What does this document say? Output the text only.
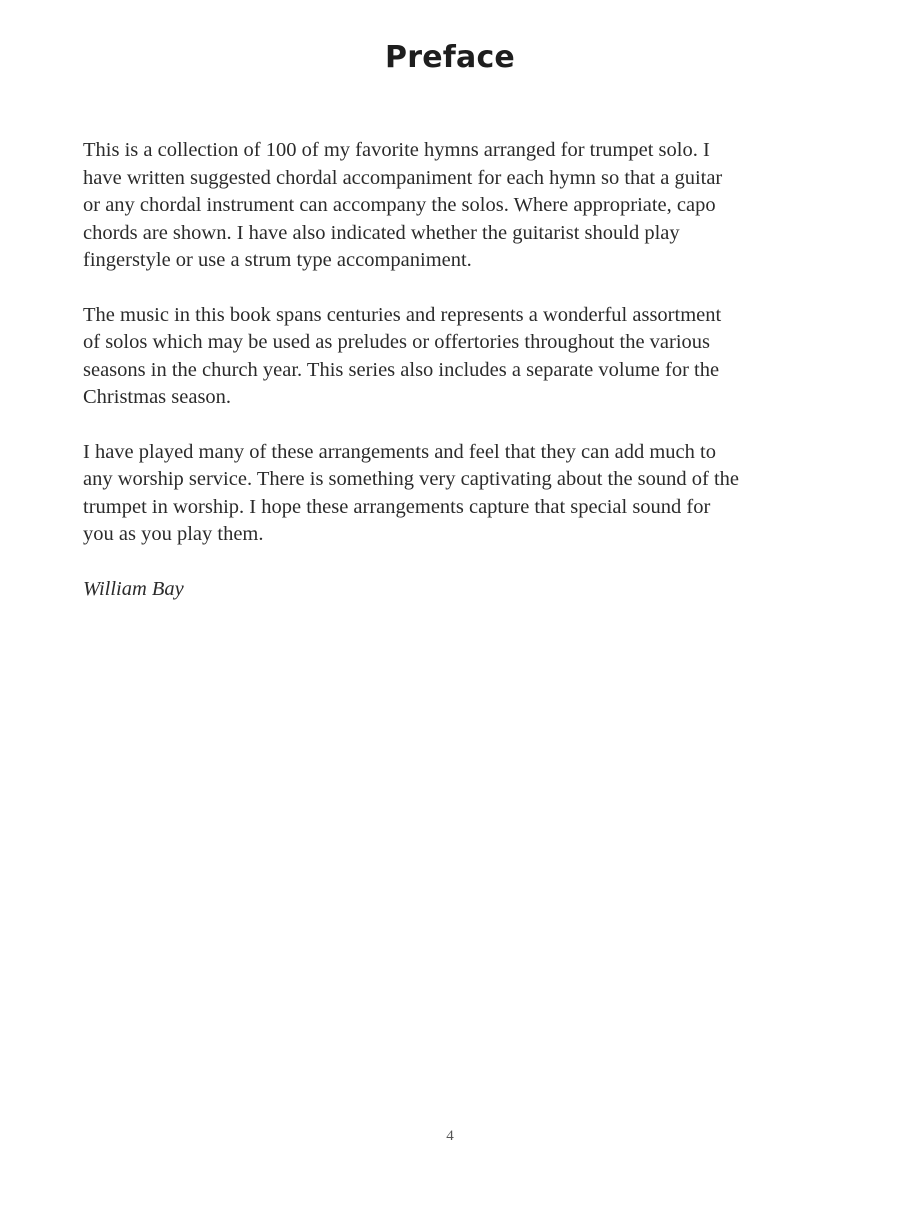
Preface

This is a collection of 100 of my favorite hymns arranged for trumpet solo. I
have written suggested chordal accompaniment for each hymn so that a guitar
or any chordal instrument can accompany the solos. Where appropriate, capo
chords are shown. I have also indicated whether the guitarist should play
fingerstyle or use a strum type accompaniment.

The music in this book spans centuries and represents a wonderful assortment
of solos which may be used as preludes or offertories throughout the various
seasons in the church year. This series also includes a separate volume for the
Christmas season.

I have played many of these arrangements and feel that they can add much to
any worship service. There is something very captivating about the sound of the
trumpet in worship. I hope these arrangements capture that special sound for
you as you play them.

William Bay

4
